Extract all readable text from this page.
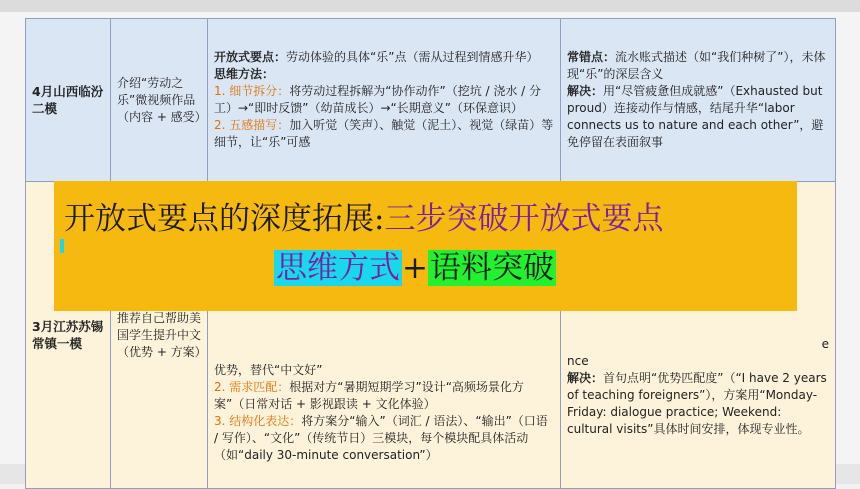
4月山西临汾二模	介绍“劳动之乐”微视频作品（内容 + 感受）	开放式要点：劳动体验的具体“乐”点（需从过程到情感升华）
思维方法：
1. 细节拆分：将劳动过程拆解为“协作动作”（挖坑 / 浇水 / 分工）→“即时反馈”（幼苗成长）→“长期意义”（环保意识）
2. 五感描写：加入听觉（笑声）、触觉（泥土）、视觉（绿苗）等细节，让“乐”可感	常错点：流水账式描述（如“我们种树了”），未体现“乐”的深层含义
解决：用“尽管疲惫但成就感”（Exhausted but proud）连接动作与情感，结尾升华“labor connects us to nature and each other”，避免停留在表面叙事

3月江苏苏锡常镇一模	推荐自己帮助美国学生提升中文（优势 + 方案）	优势，替代“中文好”
2. 需求匹配：根据对方“暑期短期学习”设计“高频场景化方案”（日常对话 + 影视跟读 + 文化体验）
3. 结构化表达：将方案分“输入”（词汇 / 语法）、“输出”（口语 / 写作）、“文化”（传统节日）三模块，每个模块配具体活动（如“daily 30-minute conversation”）	e
nce
解决：首句点明“优势匹配度”（“I have 2 years of teaching foreigners”），方案用“Monday-Friday: dialogue practice; Weekend: cultural visits”具体时间安排，体现专业性。
开放式要点的深度拓展:三步突破开放式要点
思维方式+语料突破
